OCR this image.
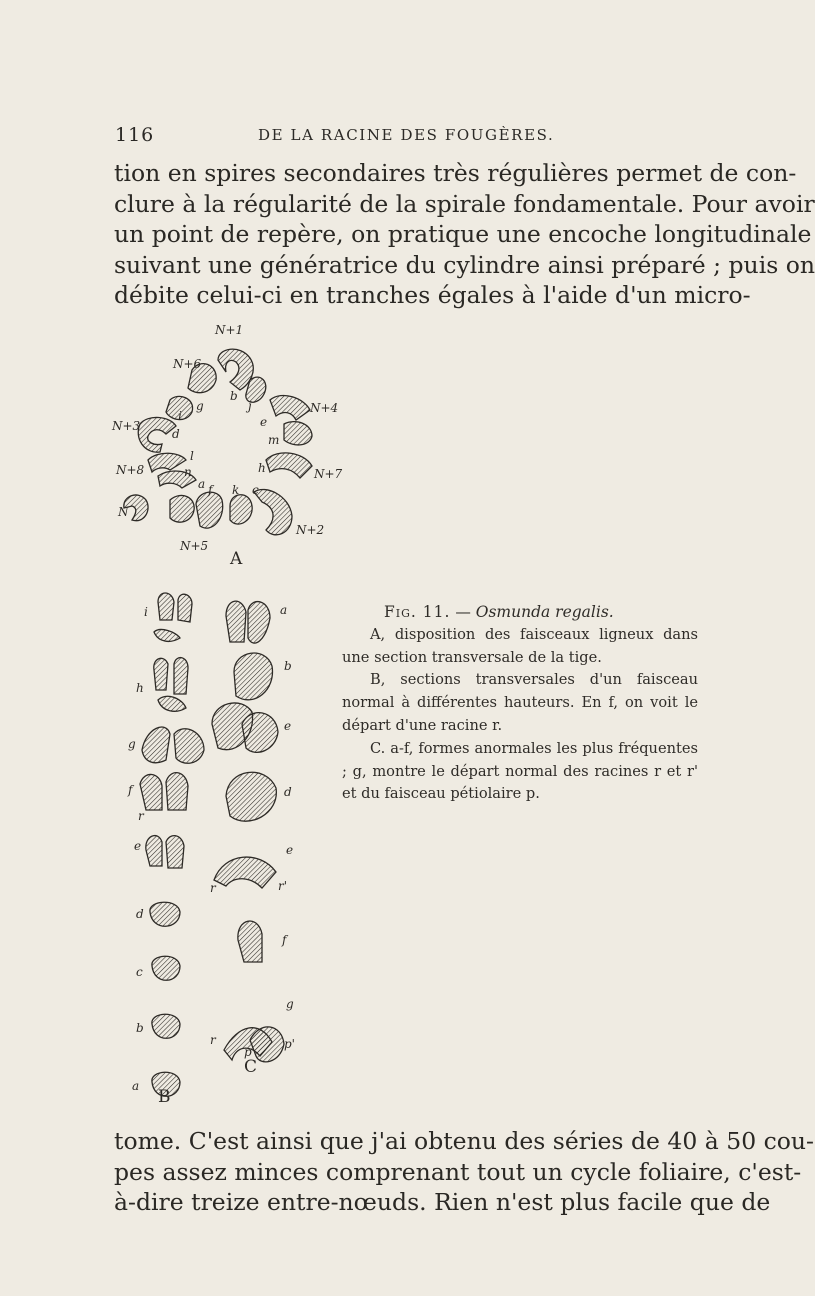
116	DE LA RACINE DES FOUGÈRES.
tion en spires secondaires très régulières permet de con-
clure à la régularité de la spirale fondamentale. Pour avoir
un point de repère, on pratique une encoche longitudinale
suivant une génératrice du cylindre ainsi préparé ; puis on
débite celui-ci en tranches égales à l'aide d'un micro-
N+1
N+6
N+3
N+4
N+8	N+7
N
N+5
N+2
b
g
i
j
e
d	m
l
n	h
a f k c
i
h
g
f
r
e
d
c
b
a
a
b
e
d
e
r	r'
f
g
r
p
p'
A
B
C
Fig. 11. — Osmunda regalis.
A, disposition des faisceaux ligneux dans une section transversale de la tige.
B, sections transversales d'un faisceau normal à différentes hauteurs. En f, on voit le départ d'une racine r.
C. a-f, formes anormales les plus fréquentes ; g, montre le départ normal des racines r et r' et du faisceau pétiolaire p.
tome. C'est ainsi que j'ai obtenu des séries de 40 à 50 cou-
pes assez minces comprenant tout un cycle foliaire, c'est-
à-dire treize entre-nœuds. Rien n'est plus facile que de
